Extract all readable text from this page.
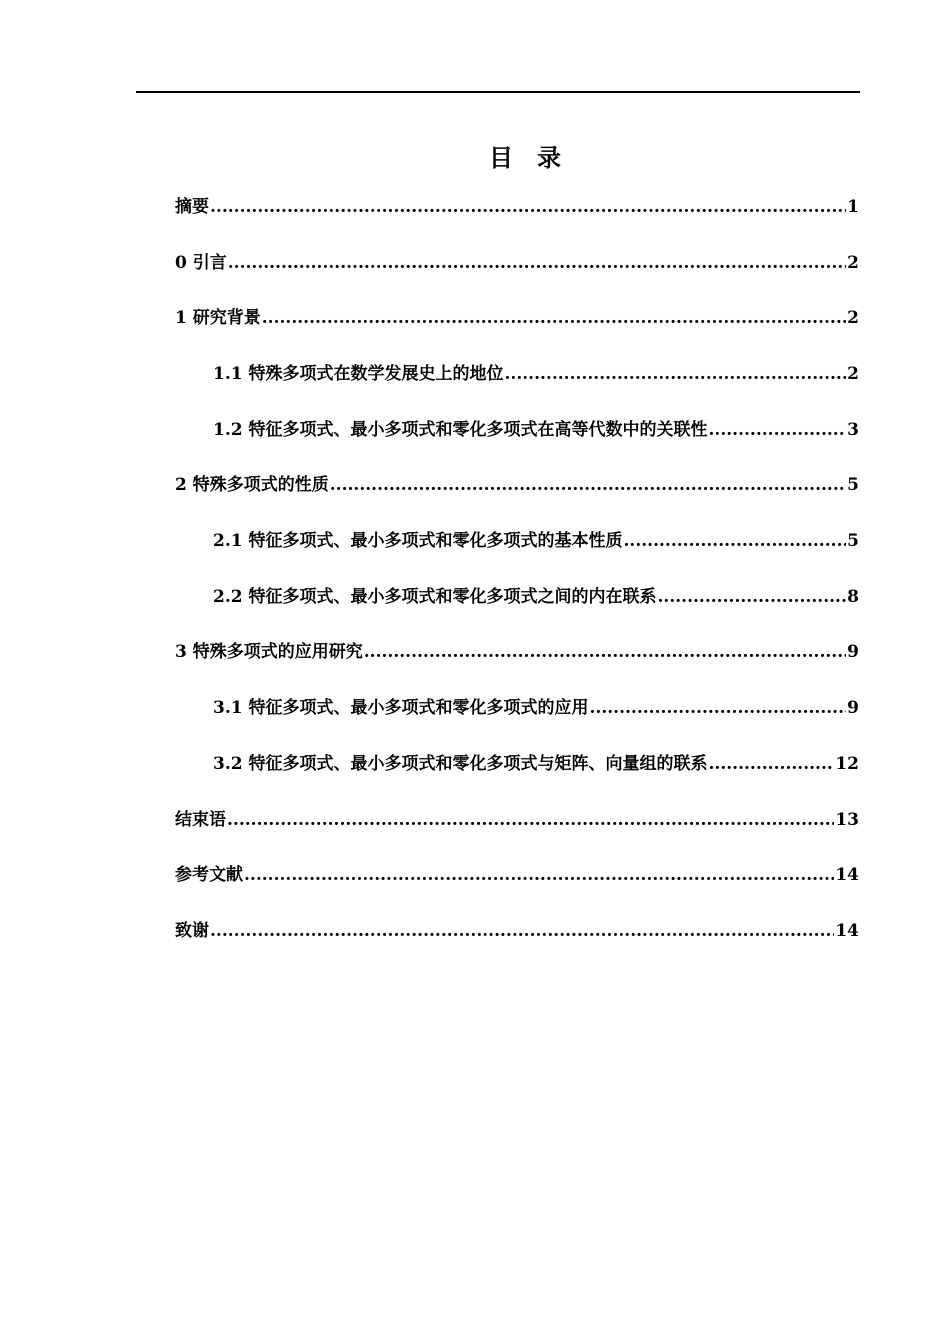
目 录
摘要 .....	1
0 引言 .....	2
1 研究背景 .....	2
1.1 特殊多项式在数学发展史上的地位 .....	2
1.2 特征多项式、最小多项式和零化多项式在高等代数中的关联性 .....	3
2 特殊多项式的性质 .....	5
2.1 特征多项式、最小多项式和零化多项式的基本性质 .....	5
2.2 特征多项式、最小多项式和零化多项式之间的内在联系 .....	8
3 特殊多项式的应用研究 .....	9
3.1 特征多项式、最小多项式和零化多项式的应用 .....	9
3.2 特征多项式、最小多项式和零化多项式与矩阵、向量组的联系 .....	12
结束语 .....	13
参考文献 .....	14
致谢 .....	14
